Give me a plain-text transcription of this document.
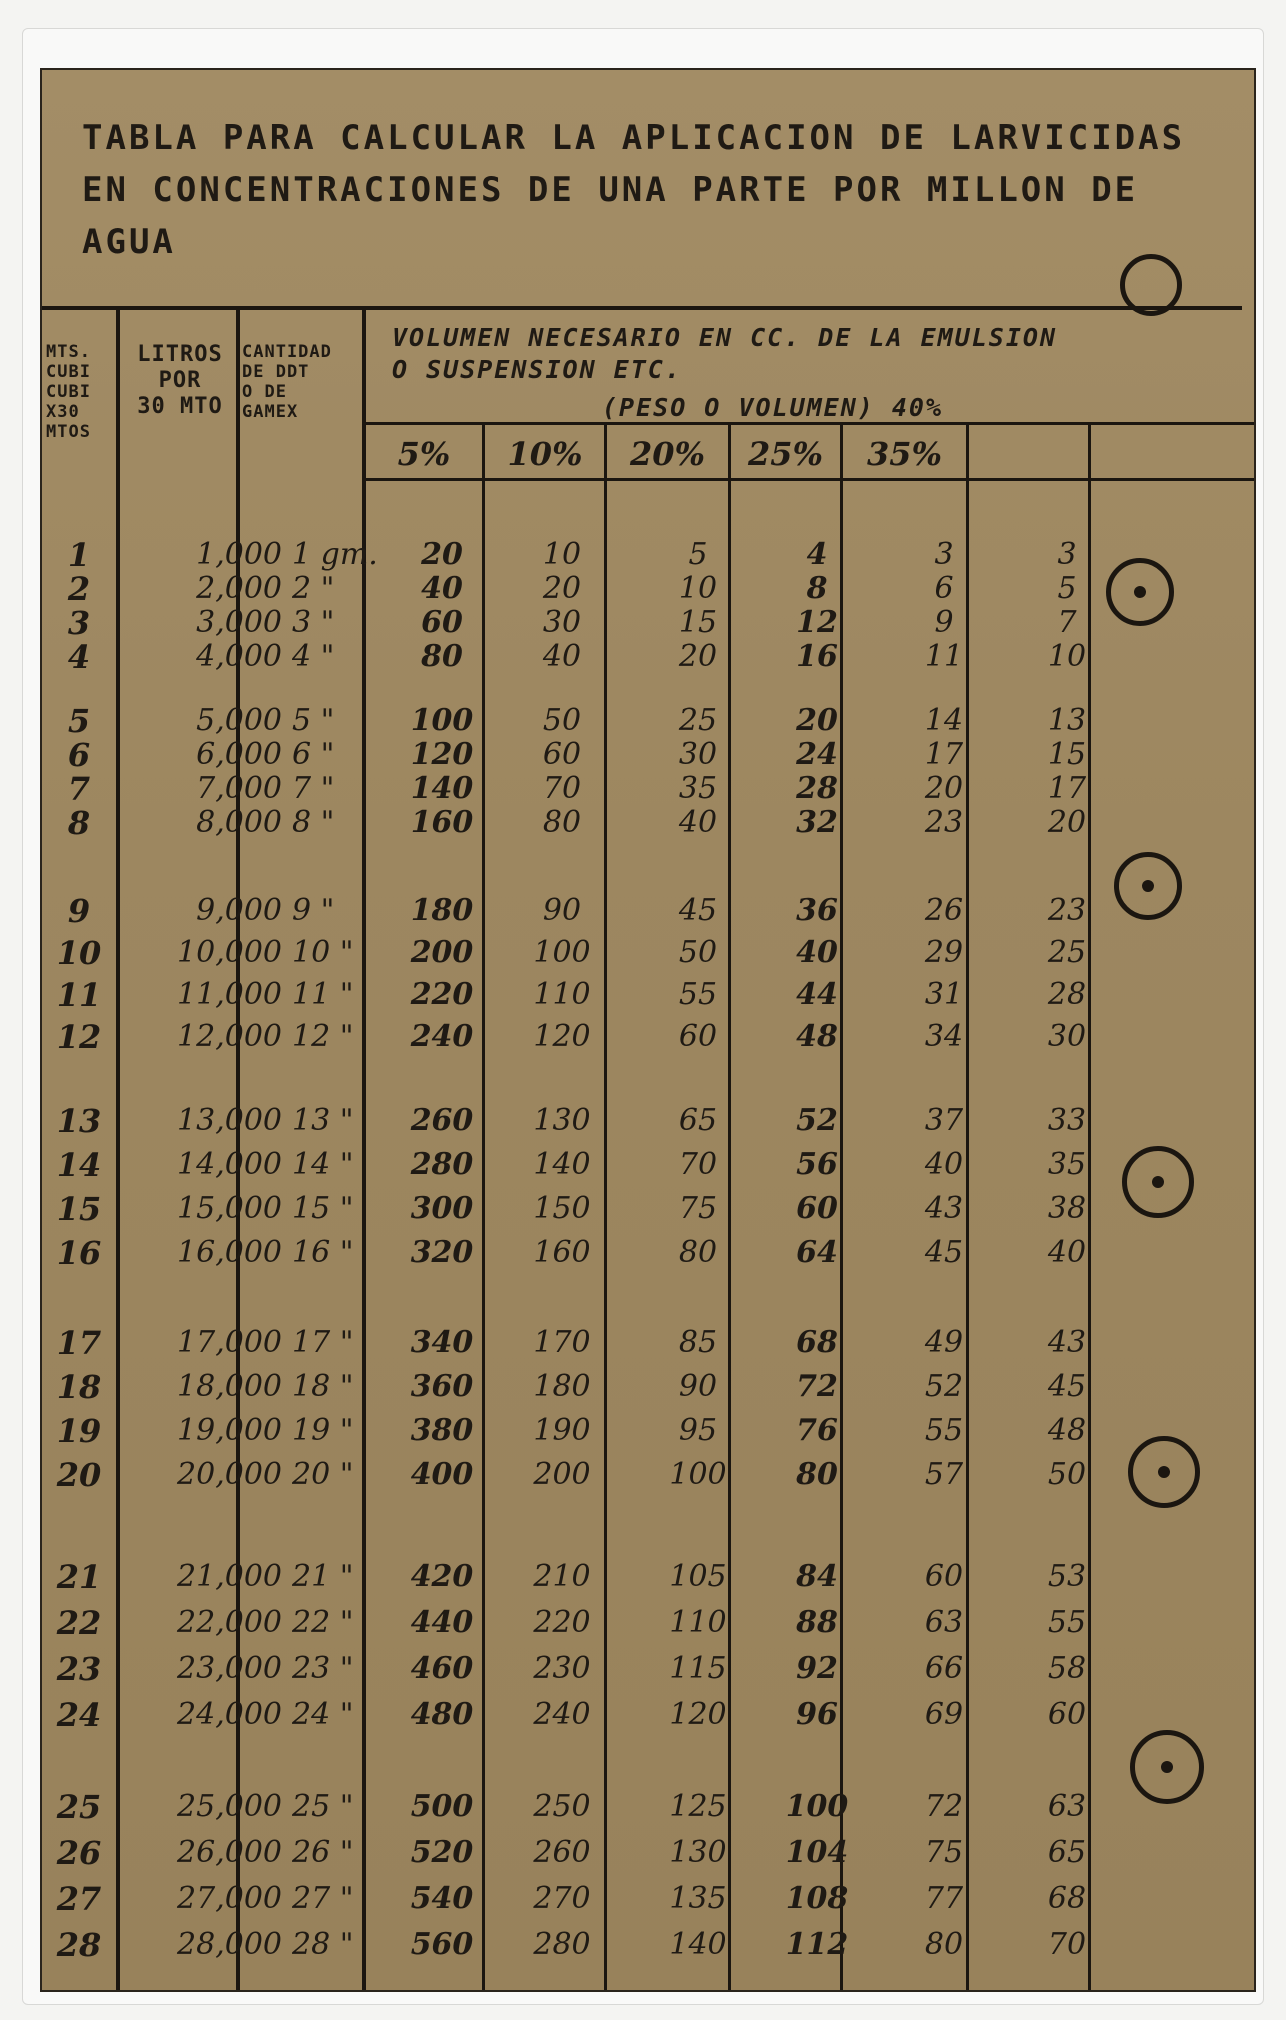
TABLA PARA CALCULAR LA APLICACION DE LARVICIDAS
EN CONCENTRACIONES DE UNA PARTE POR MILLON DE
AGUA
MTS.
CUBI
CUBI
X30
MTOS
LITROS
POR
30 MTO
CANTIDAD
DE DDT
O DE
GAMEX
VOLUMEN NECESARIO EN CC. DE LA EMULSION
O SUSPENSION ETC.
(PESO O VOLUMEN) 40%
5%	10%	20%	25%	35%
1	1,000 1 gm.	20	10	5	4	3	3
2	2,000 2 "	40	20	10	8	6	5
3	3,000 3 "	60	30	15	12	9	7
4	4,000 4 "	80	40	20	16	11	10
5	5,000 5 "	100	50	25	20	14	13
6	6,000 6 "	120	60	30	24	17	15
7	7,000 7 "	140	70	35	28	20	17
8	8,000 8 "	160	80	40	32	23	20
9	9,000 9 "	180	90	45	36	26	23
10	10,000 10 "	200	100	50	40	29	25
11	11,000 11 "	220	110	55	44	31	28
12	12,000 12 "	240	120	60	48	34	30
13	13,000 13 "	260	130	65	52	37	33
14	14,000 14 "	280	140	70	56	40	35
15	15,000 15 "	300	150	75	60	43	38
16	16,000 16 "	320	160	80	64	45	40
17	17,000 17 "	340	170	85	68	49	43
18	18,000 18 "	360	180	90	72	52	45
19	19,000 19 "	380	190	95	76	55	48
20	20,000 20 "	400	200	100	80	57	50
21	21,000 21 "	420	210	105	84	60	53
22	22,000 22 "	440	220	110	88	63	55
23	23,000 23 "	460	230	115	92	66	58
24	24,000 24 "	480	240	120	96	69	60
25	25,000 25 "	500	250	125	100	72	63
26	26,000 26 "	520	260	130	104	75	65
27	27,000 27 "	540	270	135	108	77	68
28	28,000 28 "	560	280	140	112	80	70
